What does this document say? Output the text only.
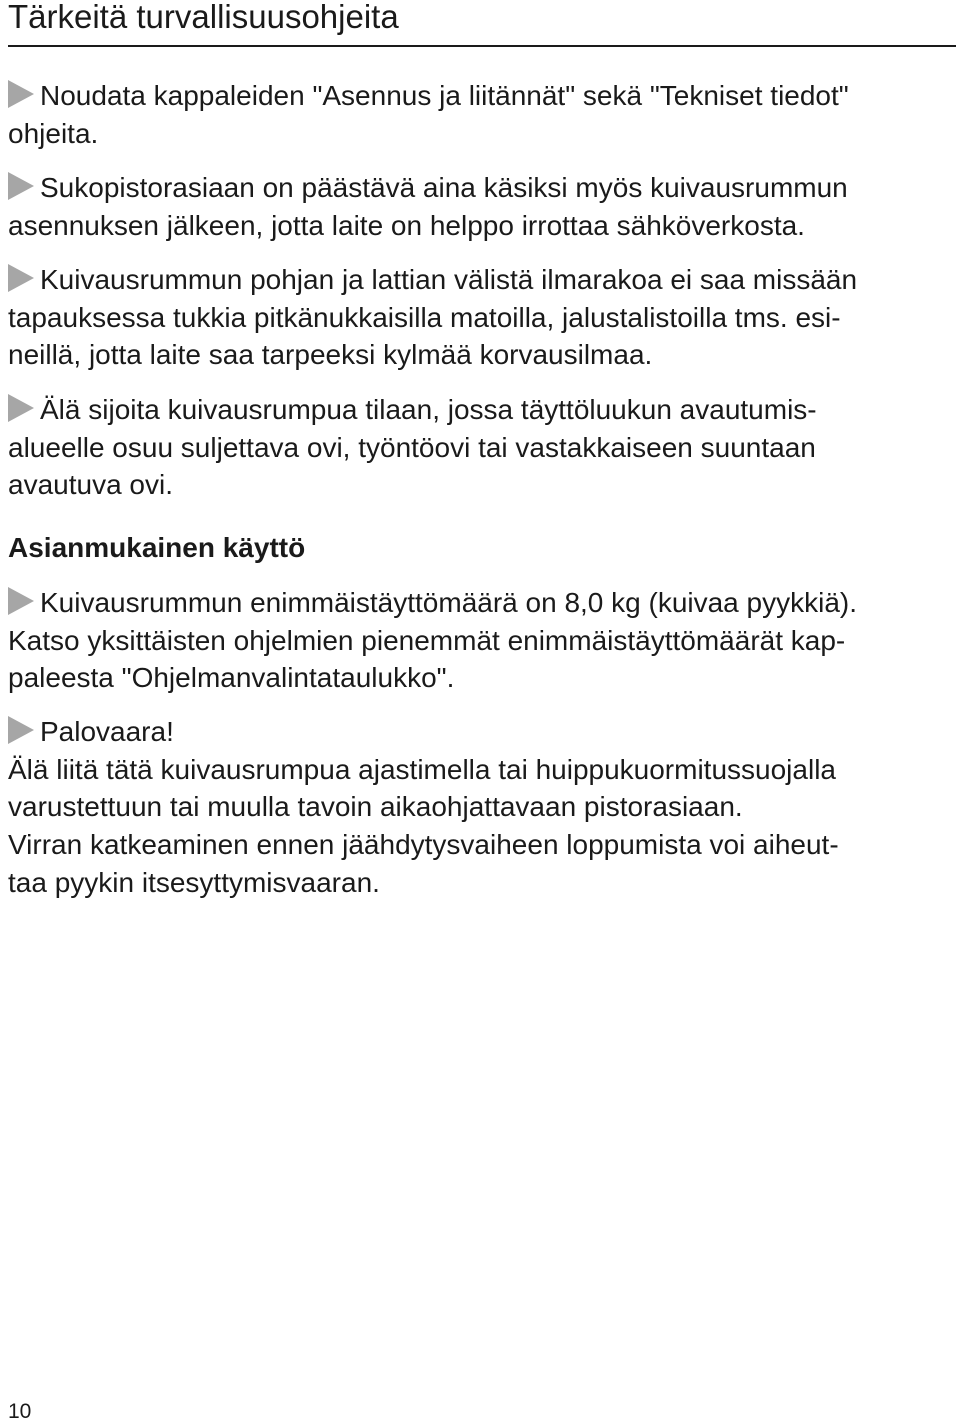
Tärkeitä turvallisuusohjeita

Noudata kappaleiden "Asennus ja liitännät" sekä "Tekniset tiedot"
ohjeita.

Sukopistorasiaan on päästävä aina käsiksi myös kuivausrummun
asennuksen jälkeen, jotta laite on helppo irrottaa sähköverkosta.

Kuivausrummun pohjan ja lattian välistä ilmarakoa ei saa missään
tapauksessa tukkia pitkänukkaisilla matoilla, jalustalistoilla tms. esi-
neillä, jotta laite saa tarpeeksi kylmää korvausilmaa.

Älä sijoita kuivausrumpua tilaan, jossa täyttöluukun avautumis-
alueelle osuu suljettava ovi, työntöovi tai vastakkaiseen suuntaan
avautuva ovi.

Asianmukainen käyttö

Kuivausrummun enimmäistäyttömäärä on 8,0 kg (kuivaa pyykkiä).
Katso yksittäisten ohjelmien pienemmät enimmäistäyttömäärät kap-
paleesta "Ohjelmanvalintataulukko".

Palovaara!
Älä liitä tätä kuivausrumpua ajastimella tai huippukuormitussuojalla
varustettuun tai muulla tavoin aikaohjattavaan pistorasiaan.
Virran katkeaminen ennen jäähdytysvaiheen loppumista voi aiheut-
taa pyykin itsesyttymisvaaran.

10
